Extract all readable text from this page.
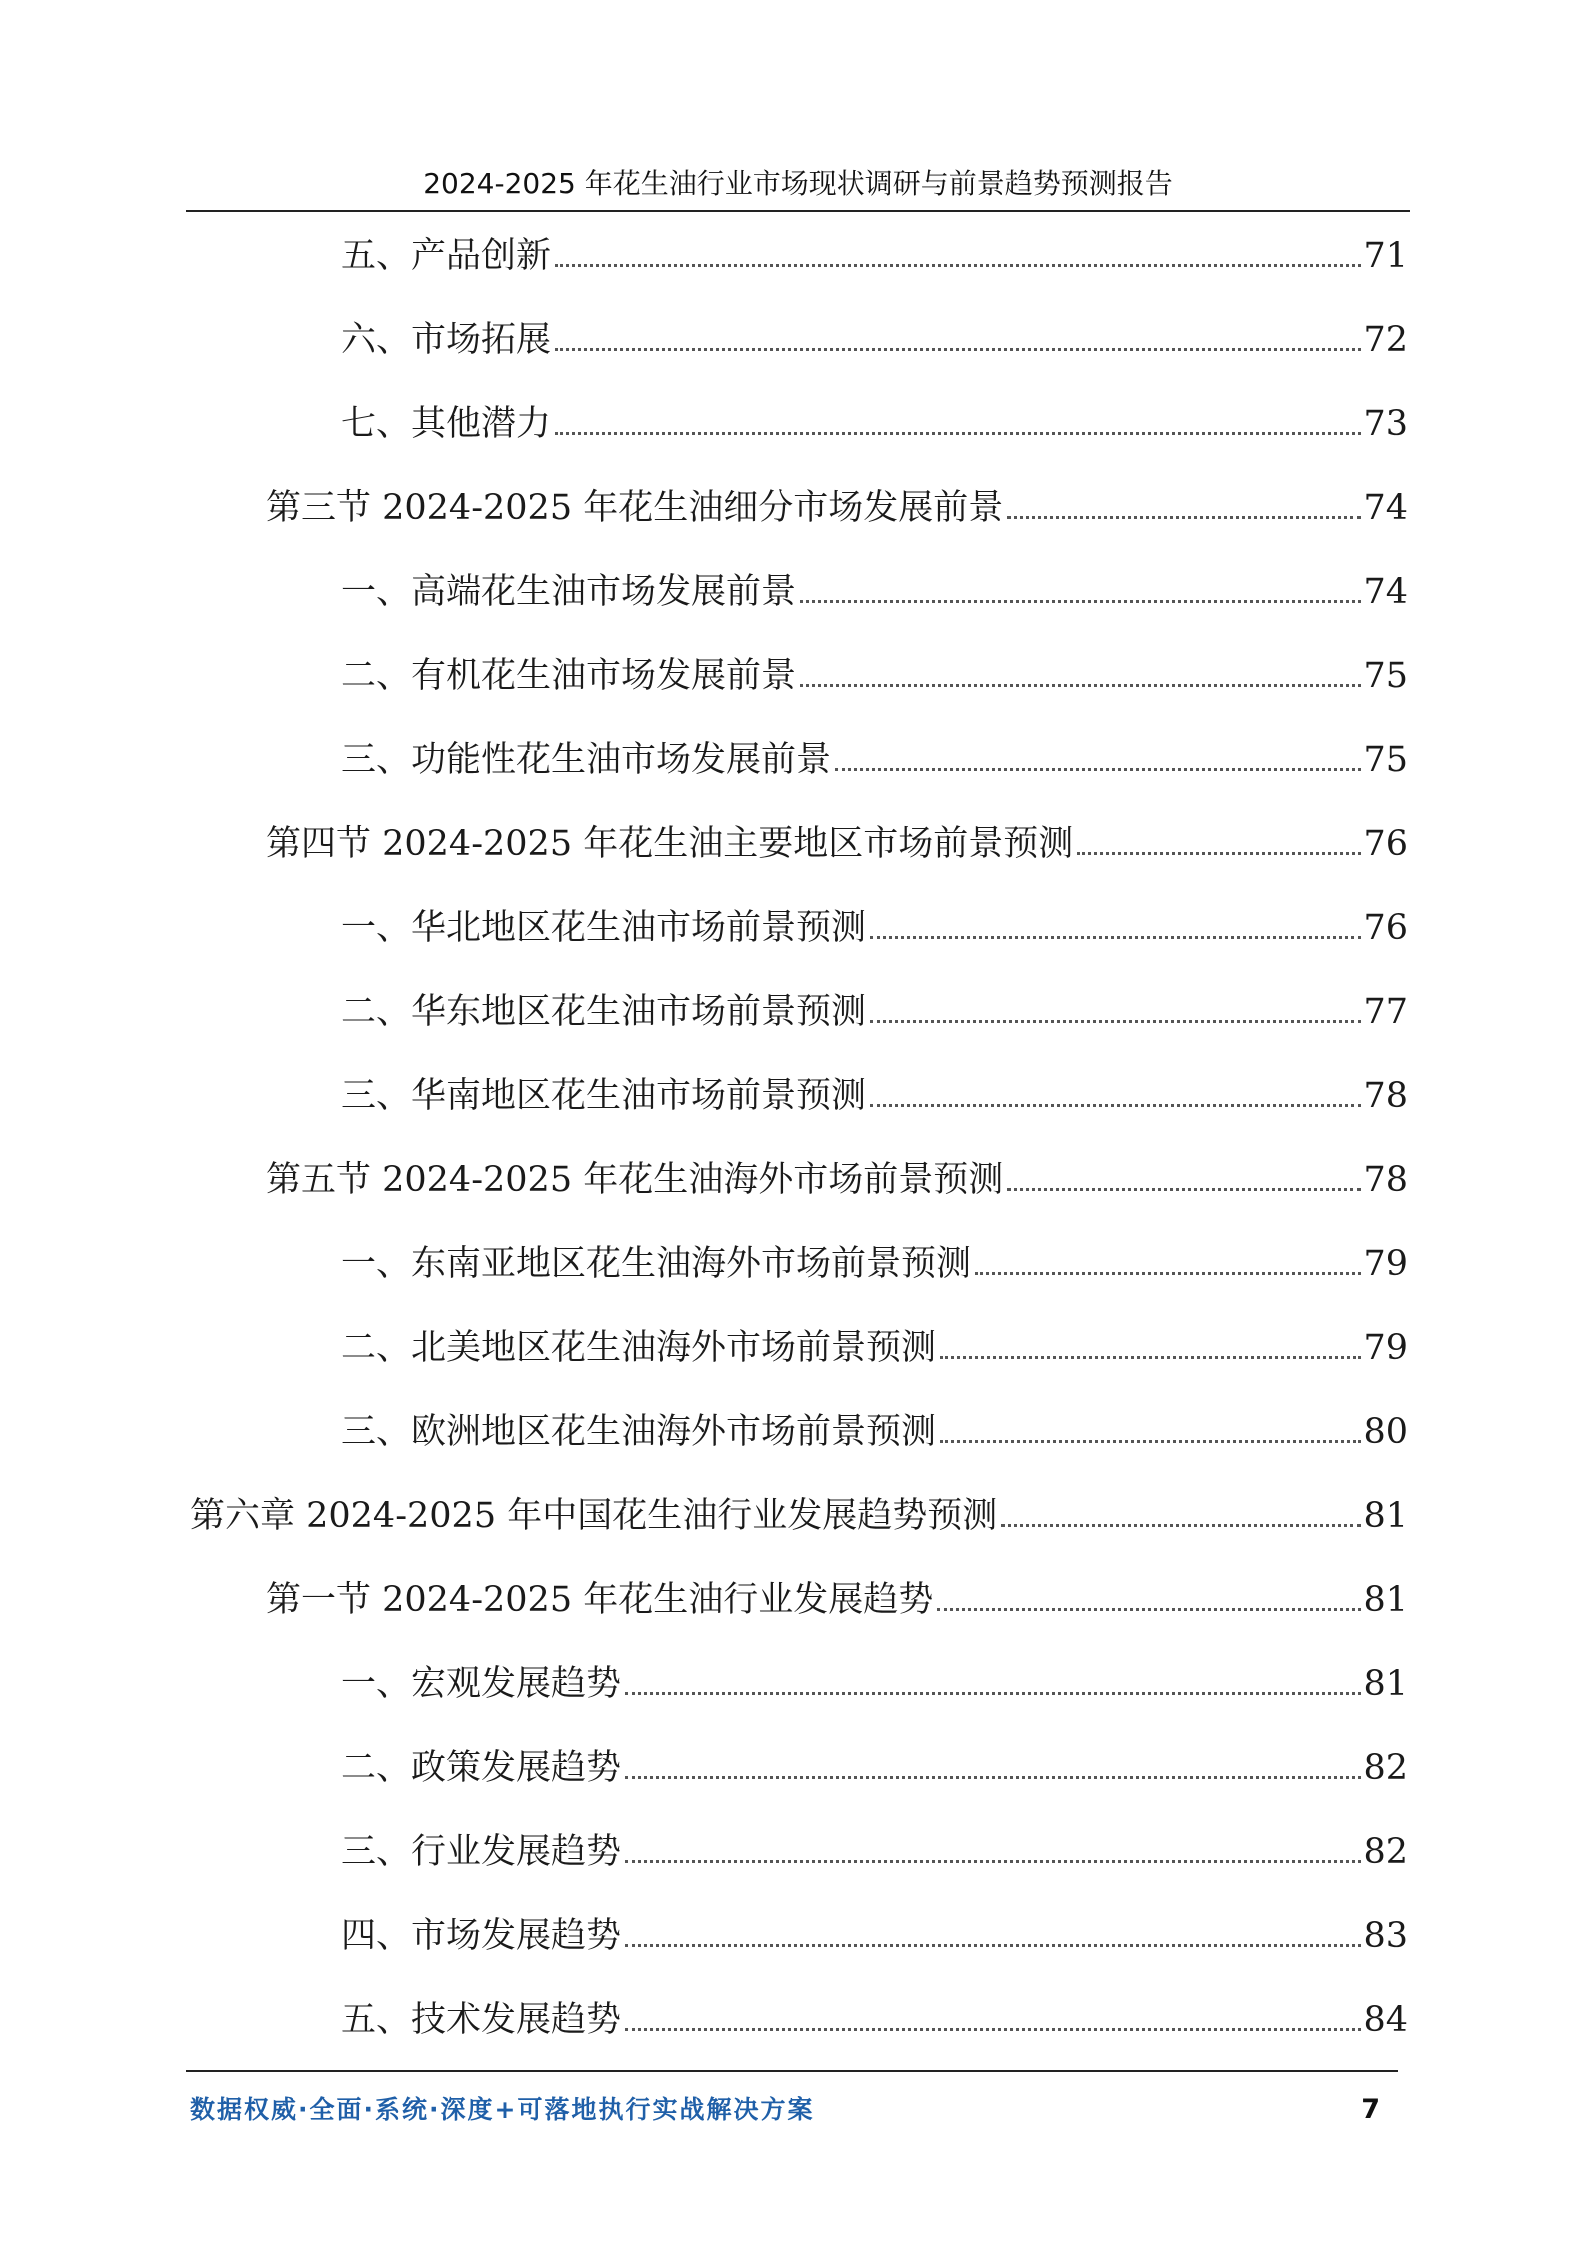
2024-2025 年花生油行业市场现状调研与前景趋势预测报告
五、产品创新	71
六、市场拓展	72
七、其他潜力	73
第三节 2024-2025 年花生油细分市场发展前景	74
一、高端花生油市场发展前景	74
二、有机花生油市场发展前景	75
三、功能性花生油市场发展前景	75
第四节 2024-2025 年花生油主要地区市场前景预测	76
一、华北地区花生油市场前景预测	76
二、华东地区花生油市场前景预测	77
三、华南地区花生油市场前景预测	78
第五节 2024-2025 年花生油海外市场前景预测	78
一、东南亚地区花生油海外市场前景预测	79
二、北美地区花生油海外市场前景预测	79
三、欧洲地区花生油海外市场前景预测	80
第六章 2024-2025 年中国花生油行业发展趋势预测	81
第一节 2024-2025 年花生油行业发展趋势	81
一、宏观发展趋势	81
二、政策发展趋势	82
三、行业发展趋势	82
四、市场发展趋势	83
五、技术发展趋势	84
数据权威·全面·系统·深度+可落地执行实战解决方案	7
